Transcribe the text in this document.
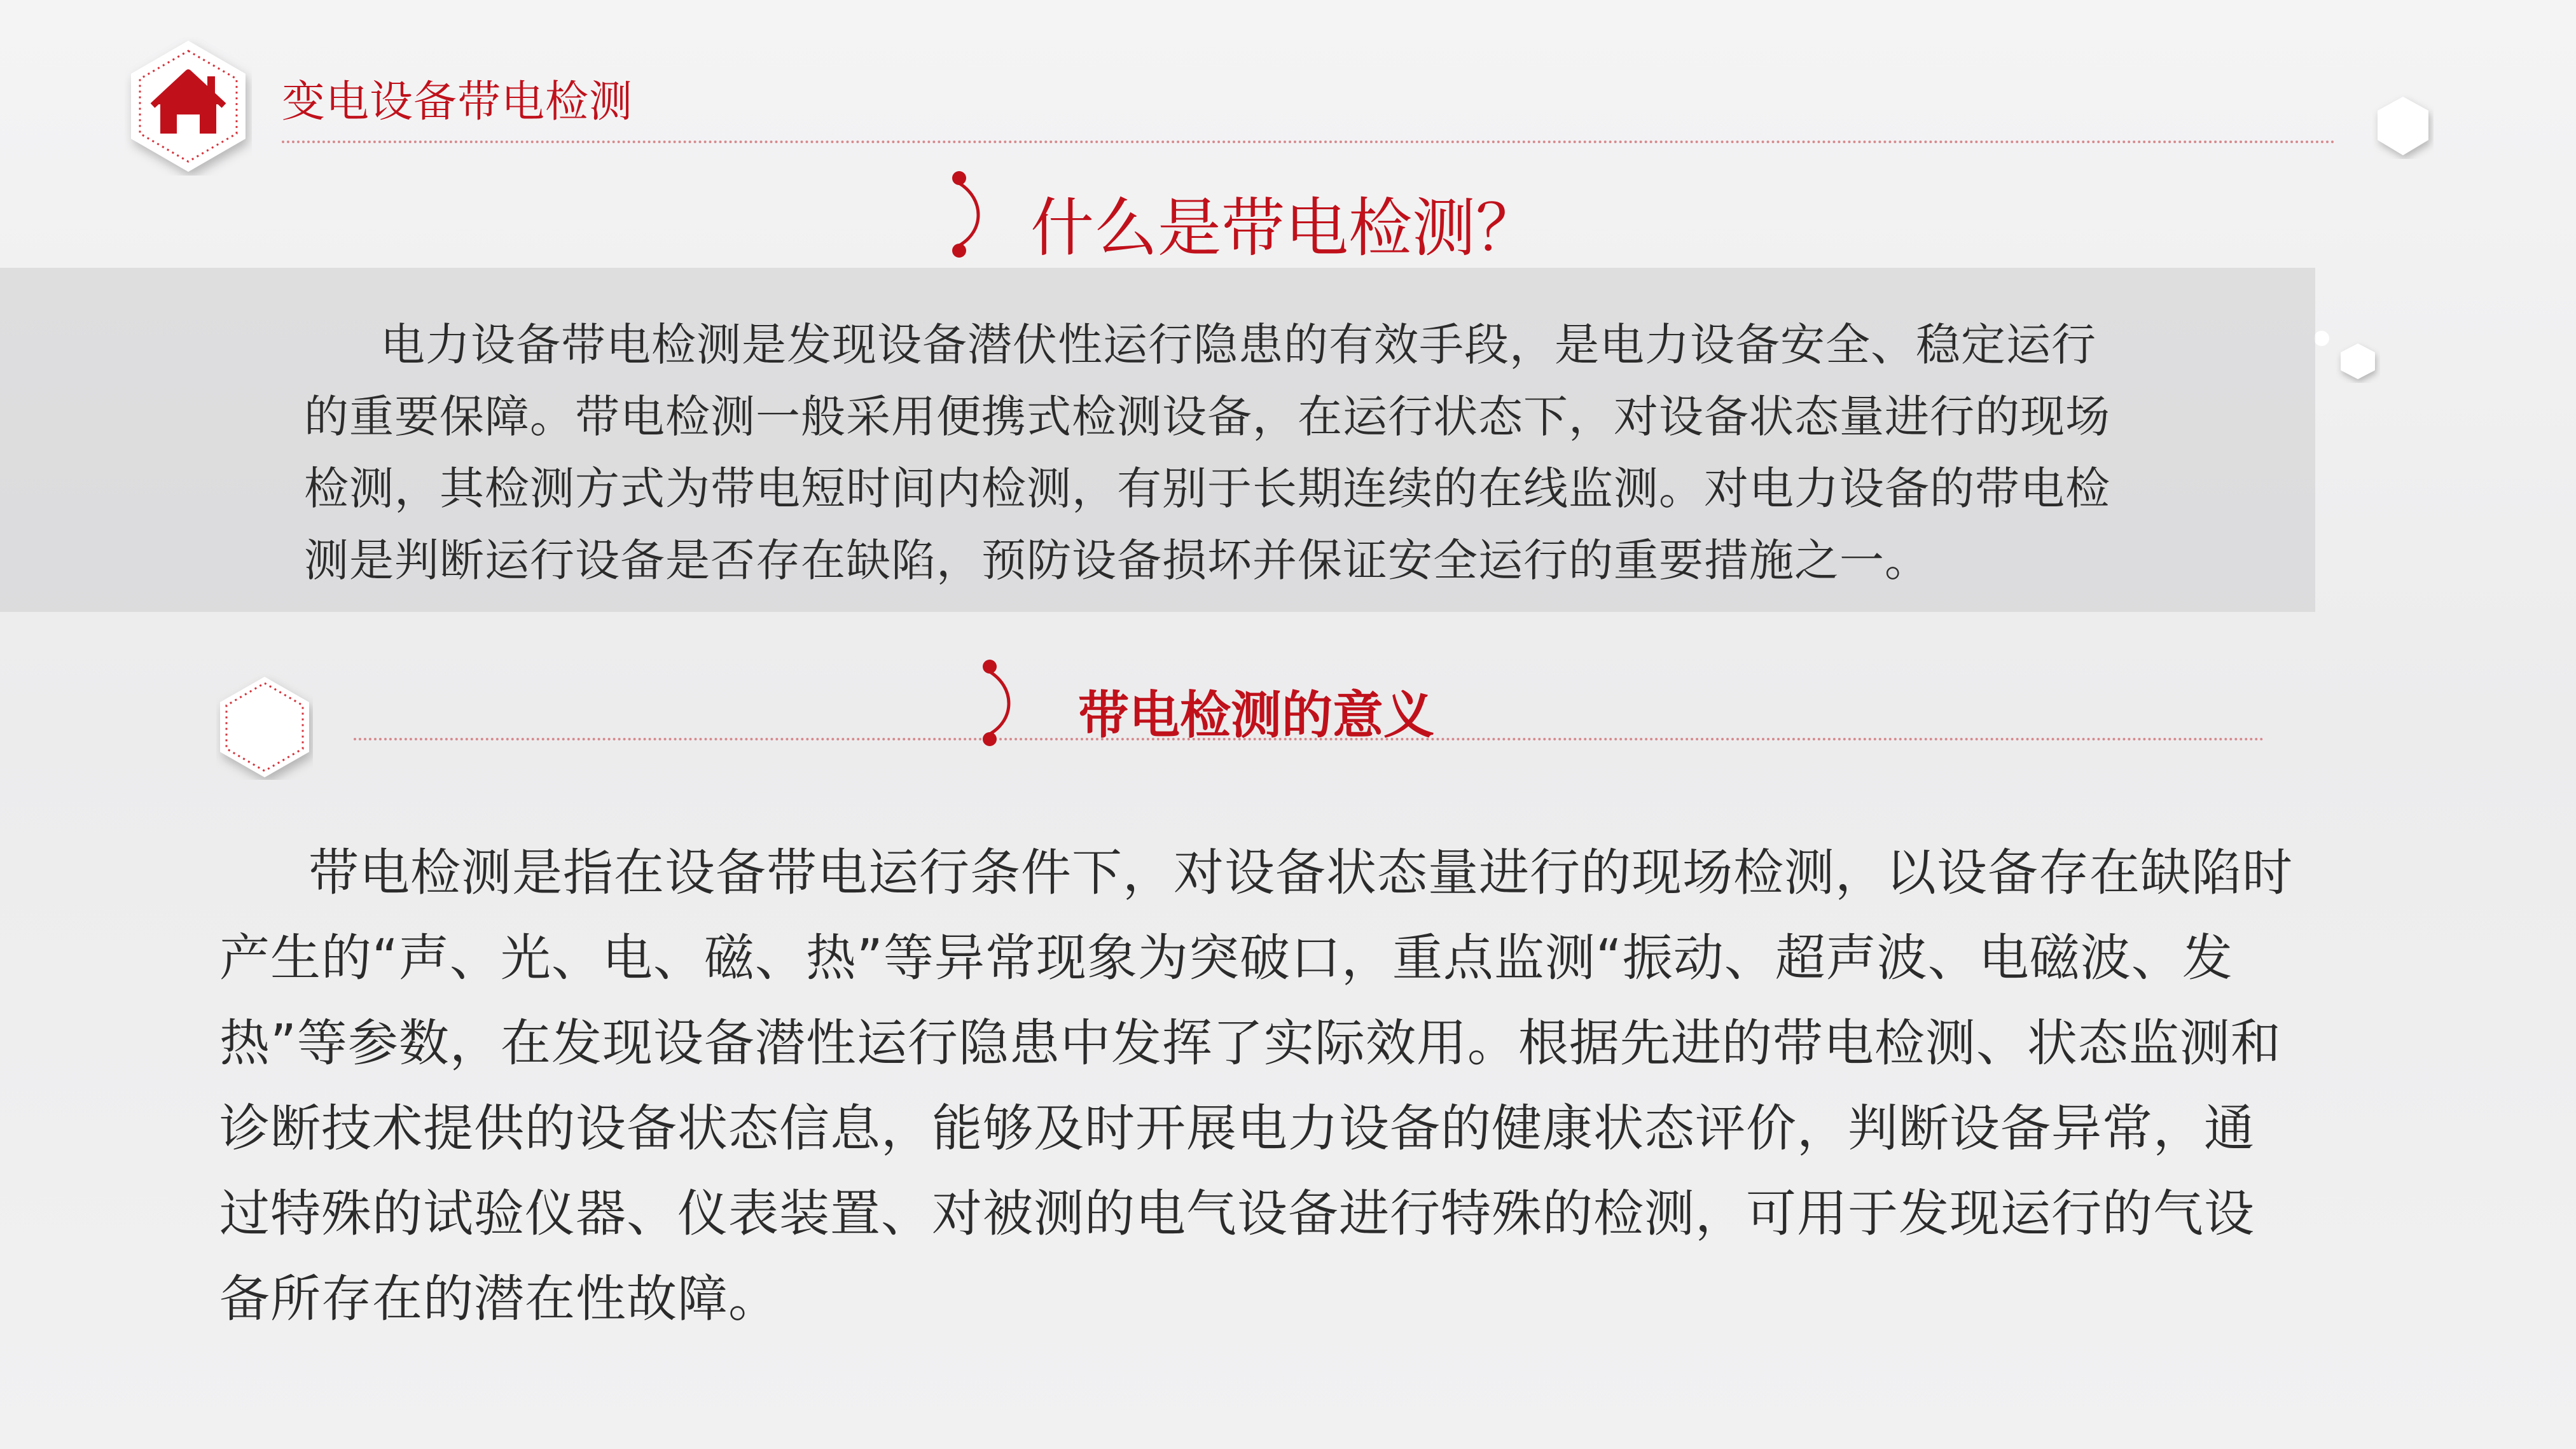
变电设备带电检测
什么是带电检测？
电力设备带电检测是发现设备潜伏性运行隐患的有效手段，是电力设备安全、稳定运行的重要保障。带电检测一般采用便携式检测设备，在运行状态下，对设备状态量进行的现场检测，其检测方式为带电短时间内检测，有别于长期连续的在线监测。对电力设备的带电检测是判断运行设备是否存在缺陷，预防设备损坏并保证安全运行的重要措施之一。
带电检测的意义
带电检测是指在设备带电运行条件下，对设备状态量进行的现场检测，以设备存在缺陷时产生的“声、光、电、磁、热”等异常现象为突破口，重点监测“振动、超声波、电磁波、发热”等参数，在发现设备潜性运行隐患中发挥了实际效用。根据先进的带电检测、状态监测和诊断技术提供的设备状态信息，能够及时开展电力设备的健康状态评价，判断设备异常，通过特殊的试验仪器、仪表装置、对被测的电气设备进行特殊的检测，可用于发现运行的气设备所存在的潜在性故障。
